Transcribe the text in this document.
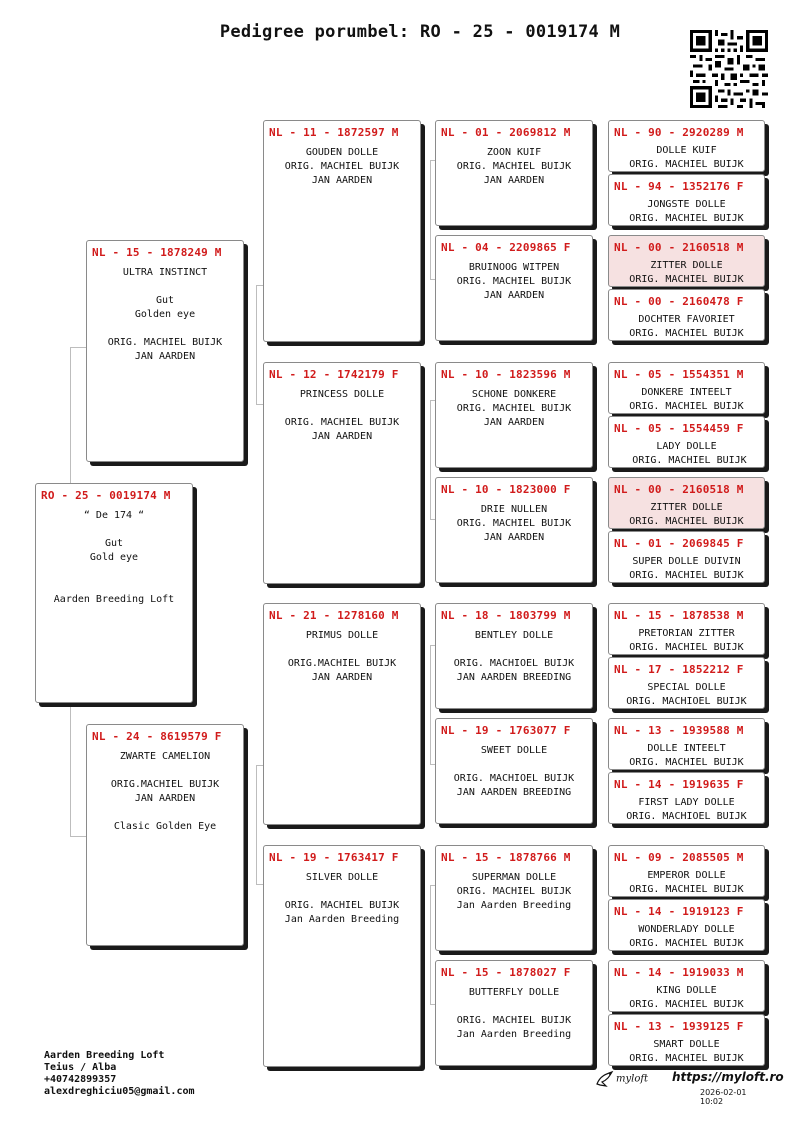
Pedigree porumbel: RO - 25 - 0019174 M
RO - 25 - 0019174 M
“ De 174 “

Gut
Gold eye

Aarden Breeding Loft
NL - 15 - 1878249 M
ULTRA INSTINCT

Gut
Golden eye

ORIG. MACHIEL BUIJK
JAN AARDEN
NL - 24 - 8619579 F
ZWARTE CAMELION

ORIG.MACHIEL BUIJK
JAN AARDEN

Clasic Golden Eye
NL - 11 - 1872597 M
GOUDEN DOLLE
ORIG. MACHIEL BUIJK
JAN AARDEN
NL - 12 - 1742179 F
PRINCESS DOLLE

ORIG. MACHIEL BUIJK
JAN AARDEN
NL - 21 - 1278160 M
PRIMUS DOLLE

ORIG.MACHIEL BUIJK
JAN AARDEN
NL - 19 - 1763417 F
SILVER DOLLE

ORIG. MACHIEL BUIJK
Jan Aarden Breeding
NL - 01 - 2069812 M
ZOON KUIF
ORIG. MACHIEL BUIJK
JAN AARDEN
NL - 04 - 2209865 F
BRUINOOG WITPEN
ORIG. MACHIEL BUIJK
JAN AARDEN
NL - 10 - 1823596 M
SCHONE DONKERE
ORIG. MACHIEL BUIJK
JAN AARDEN
NL - 10 - 1823000 F
DRIE NULLEN
ORIG. MACHIEL BUIJK
JAN AARDEN
NL - 18 - 1803799 M
BENTLEY DOLLE

ORIG. MACHIOEL BUIJK
JAN AARDEN BREEDING
NL - 19 - 1763077 F
SWEET DOLLE

ORIG. MACHIOEL BUIJK
JAN AARDEN BREEDING
NL - 15 - 1878766 M
SUPERMAN DOLLE
ORIG. MACHIEL BUIJK
Jan Aarden Breeding
NL - 15 - 1878027 F
BUTTERFLY DOLLE

ORIG. MACHIEL BUIJK
Jan Aarden Breeding
NL - 90 - 2920289 M
DOLLE KUIF
ORIG. MACHIEL BUIJK
NL - 94 - 1352176 F
JONGSTE DOLLE
ORIG. MACHIEL BUIJK
NL - 00 - 2160518 M
ZITTER DOLLE
ORIG. MACHIEL BUIJK
NL - 00 - 2160478 F
DOCHTER FAVORIET
ORIG. MACHIEL BUIJK
NL - 05 - 1554351 M
DONKERE INTEELT
ORIG. MACHIEL BUIJK
NL - 05 - 1554459 F
LADY DOLLE
ORIG. MACHIEL BUIJK
NL - 00 - 2160518 M
ZITTER DOLLE
ORIG. MACHIEL BUIJK
NL - 01 - 2069845 F
SUPER DOLLE DUIVIN
ORIG. MACHIEL BUIJK
NL - 15 - 1878538 M
PRETORIAN ZITTER
ORIG. MACHIEL BUIJK
NL - 17 - 1852212 F
SPECIAL DOLLE
ORIG. MACHIOEL BUIJK
NL - 13 - 1939588 M
DOLLE INTEELT
ORIG. MACHIEL BUIJK
NL - 14 - 1919635 F
FIRST LADY DOLLE
ORIG. MACHIOEL BUIJK
NL - 09 - 2085505 M
EMPEROR DOLLE
ORIG. MACHIEL BUIJK
NL - 14 - 1919123 F
WONDERLADY DOLLE
ORIG. MACHIEL BUIJK
NL - 14 - 1919033 M
KING DOLLE
ORIG. MACHIEL BUIJK
NL - 13 - 1939125 F
SMART DOLLE
ORIG. MACHIEL BUIJK
Aarden Breeding Loft
Teius / Alba
+40742899357
alexdreghiciu05@gmail.com
myloft https://myloft.ro
2026-02-01 10:02
